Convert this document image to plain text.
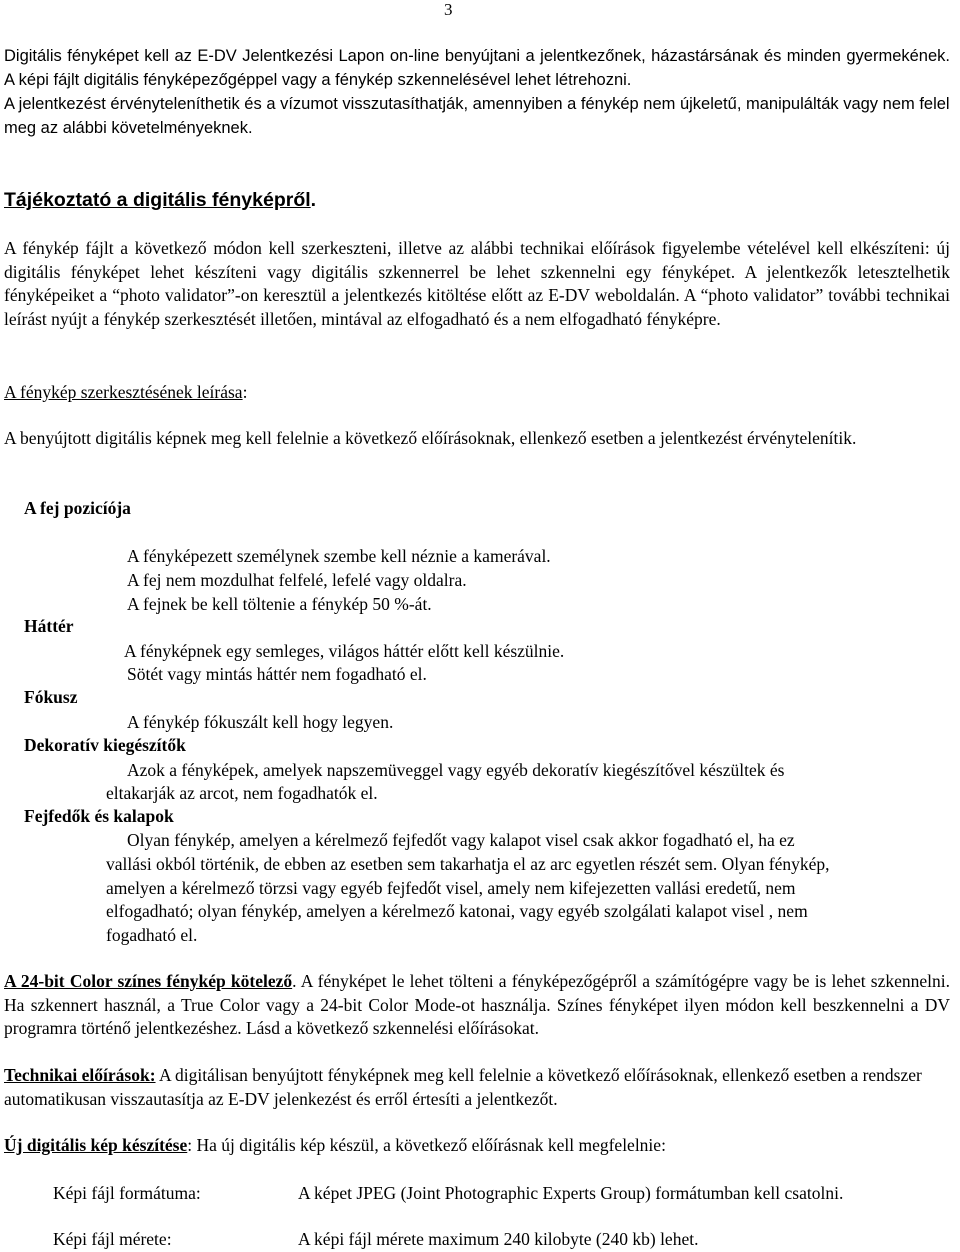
3
Digitális fényképet kell az E-DV Jelentkezési Lapon on-line benyújtani a jelentkezőnek, házastársának és minden gyermekének. A képi fájlt digitális fényképezőgéppel vagy a fénykép szkennelésével lehet létrehozni.
A jelentkezést érvényteleníthetik és a vízumot visszutasíthatják, amennyiben a fénykép nem újkeletű, manipulálták vagy nem felel meg az alábbi követelményeknek.
Tájékoztató a digitális fényképről.
A fénykép fájlt a következő módon kell szerkeszteni, illetve az alábbi technikai előírások figyelembe vételével kell elkészíteni: új digitális fényképet lehet készíteni vagy digitális szkennerrel be lehet szkennelni egy fényképet. A jelentkezők letesztelhetik fényképeiket a “photo validator”-on keresztül a jelentkezés kitöltése előtt az E-DV weboldalán. A “photo validator” további technikai leírást nyújt a fénykép szerkesztését illetően, mintával az elfogadható és a nem elfogadható fényképre.
A fénykép szerkesztésének leírása:
A benyújtott digitális képnek meg kell felelnie a következő előírásoknak, ellenkező esetben a jelentkezést érvénytelenítik.
A fej pozicíója
A fényképezett személynek szembe kell néznie a kamerával.
A fej nem mozdulhat felfelé, lefelé vagy oldalra.
A fejnek be kell töltenie a fénykép 50 %-át.
Háttér
A fényképnek egy semleges, világos háttér előtt kell készülnie.
Sötét vagy mintás háttér nem fogadható el.
Fókusz
A fénykép fókuszált kell hogy legyen.
Dekoratív kiegészítők
Azok a fényképek, amelyek napszemüveggel vagy egyéb dekoratív kiegészítővel készültek és
eltakarják az arcot, nem fogadhatók el.
Fejfedők és kalapok
Olyan fénykép, amelyen a kérelmező fejfedőt vagy kalapot visel csak akkor fogadható el, ha ez
vallási okból történik, de ebben az esetben sem takarhatja el az arc egyetlen részét sem. Olyan fénykép,
amelyen a kérelmező törzsi vagy egyéb fejfedőt visel, amely nem kifejezetten vallási eredetű, nem
elfogadható; olyan fénykép, amelyen a kérelmező katonai, vagy egyéb szolgálati kalapot visel , nem
fogadható el.
A 24-bit Color színes fénykép kötelező. A fényképet le lehet tölteni a fényképezőgépről a számítógépre vagy be is lehet szkennelni. Ha szkennert használ, a True Color vagy a 24-bit Color Mode-ot használja. Színes fényképet ilyen módon kell beszkennelni a DV programra történő jelentkezéshez. Lásd a következő szkennelési előírásokat.
Technikai előírások: A digitálisan benyújtott fényképnek meg kell felelnie a következő előírásoknak, ellenkező esetben a rendszer automatikusan visszautasítja az E-DV jelenkezést és erről értesíti a jelentkezőt.
Új digitális kép készítése: Ha új digitális kép készül, a következő előírásnak kell megfelelnie:
Képi fájl formátuma:	A képet JPEG (Joint Photographic Experts Group) formátumban kell csatolni.
Képi fájl mérete:	A képi fájl mérete maximum 240 kilobyte (240 kb) lehet.
